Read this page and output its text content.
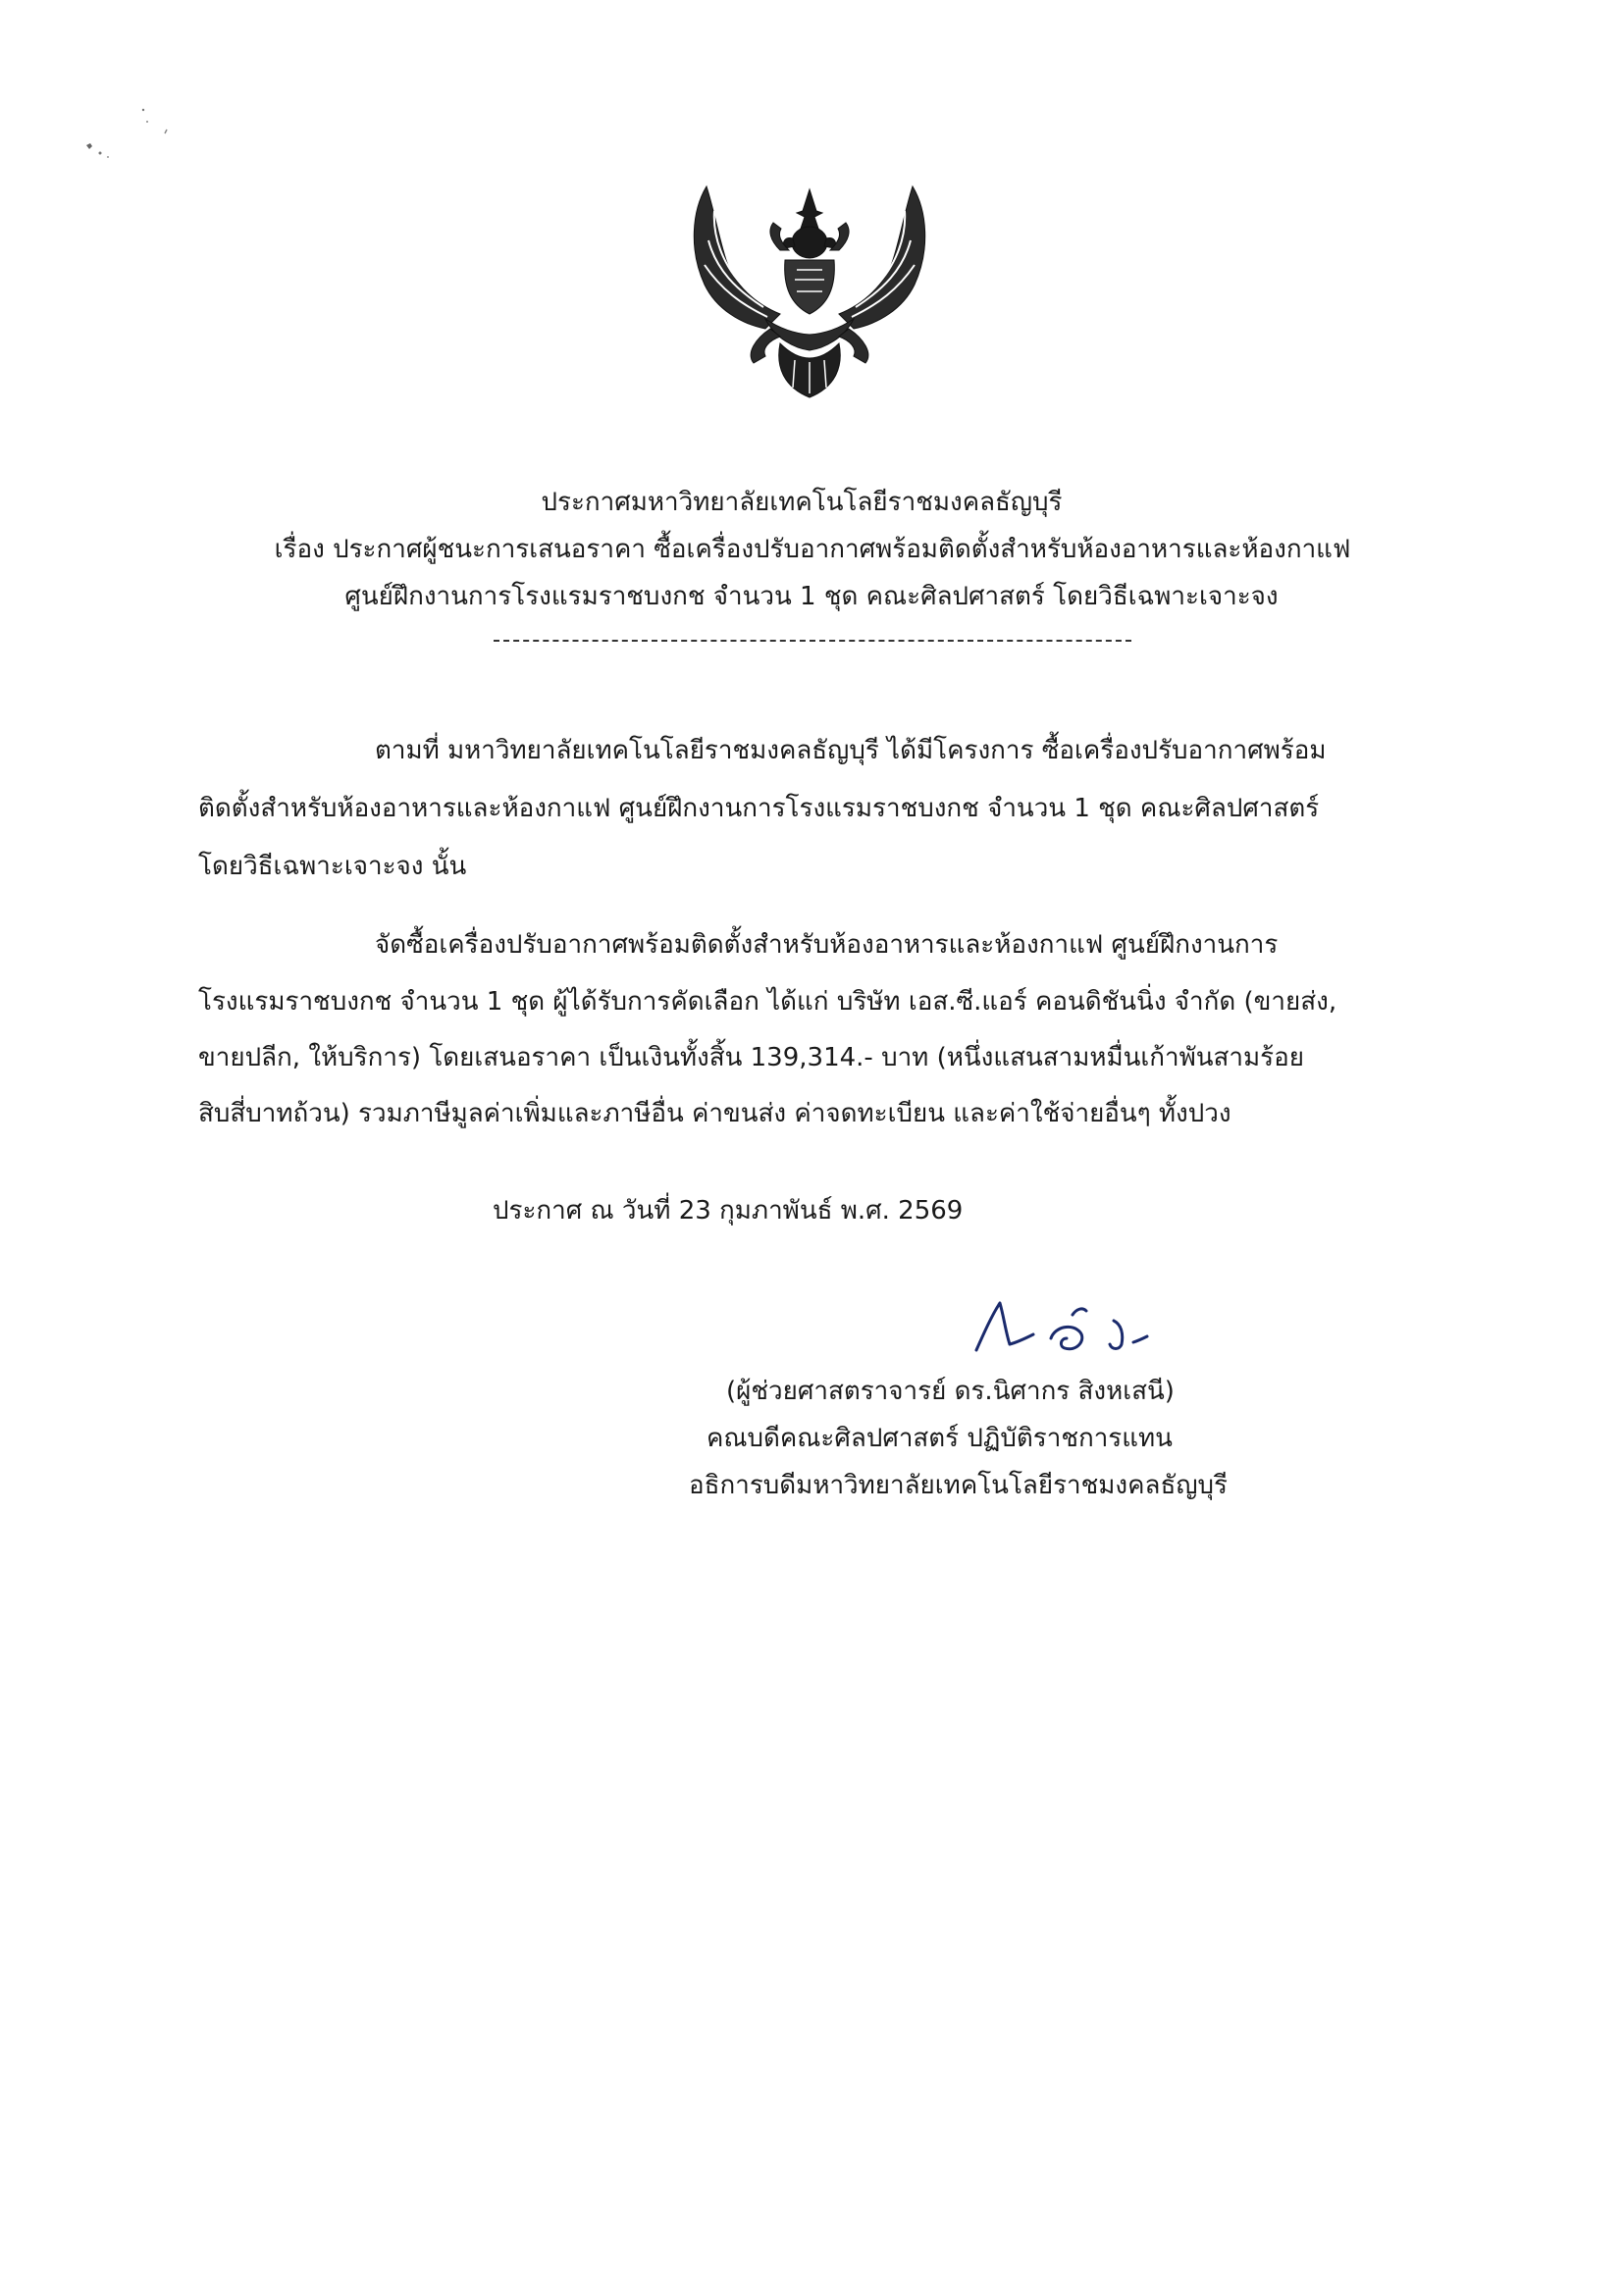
ประกาศมหาวิทยาลัยเทคโนโลยีราชมงคลธัญบุรี
เรื่อง ประกาศผู้ชนะการเสนอราคา ซื้อเครื่องปรับอากาศพร้อมติดตั้งสำหรับห้องอาหารและห้องกาแฟ
ศูนย์ฝึกงานการโรงแรมราชบงกช จำนวน 1 ชุด คณะศิลปศาสตร์ โดยวิธีเฉพาะเจาะจง
ตามที่ มหาวิทยาลัยเทคโนโลยีราชมงคลธัญบุรี ได้มีโครงการ ซื้อเครื่องปรับอากาศพร้อม
ติดตั้งสำหรับห้องอาหารและห้องกาแฟ ศูนย์ฝึกงานการโรงแรมราชบงกช จำนวน 1 ชุด คณะศิลปศาสตร์
โดยวิธีเฉพาะเจาะจง นั้น
จัดซื้อเครื่องปรับอากาศพร้อมติดตั้งสำหรับห้องอาหารและห้องกาแฟ ศูนย์ฝึกงานการ
โรงแรมราชบงกช จำนวน 1 ชุด ผู้ได้รับการคัดเลือก ได้แก่ บริษัท เอส.ซี.แอร์ คอนดิชันนิ่ง จำกัด (ขายส่ง,
ขายปลีก, ให้บริการ) โดยเสนอราคา เป็นเงินทั้งสิ้น 139,314.- บาท (หนึ่งแสนสามหมื่นเก้าพันสามร้อย
สิบสี่บาทถ้วน) รวมภาษีมูลค่าเพิ่มและภาษีอื่น ค่าขนส่ง ค่าจดทะเบียน และค่าใช้จ่ายอื่นๆ ทั้งปวง
ประกาศ ณ วันที่ 23 กุมภาพันธ์ พ.ศ. 2569
(ผู้ช่วยศาสตราจารย์ ดร.นิศากร สิงหเสนี)
คณบดีคณะศิลปศาสตร์ ปฏิบัติราชการแทน
อธิการบดีมหาวิทยาลัยเทคโนโลยีราชมงคลธัญบุรี
